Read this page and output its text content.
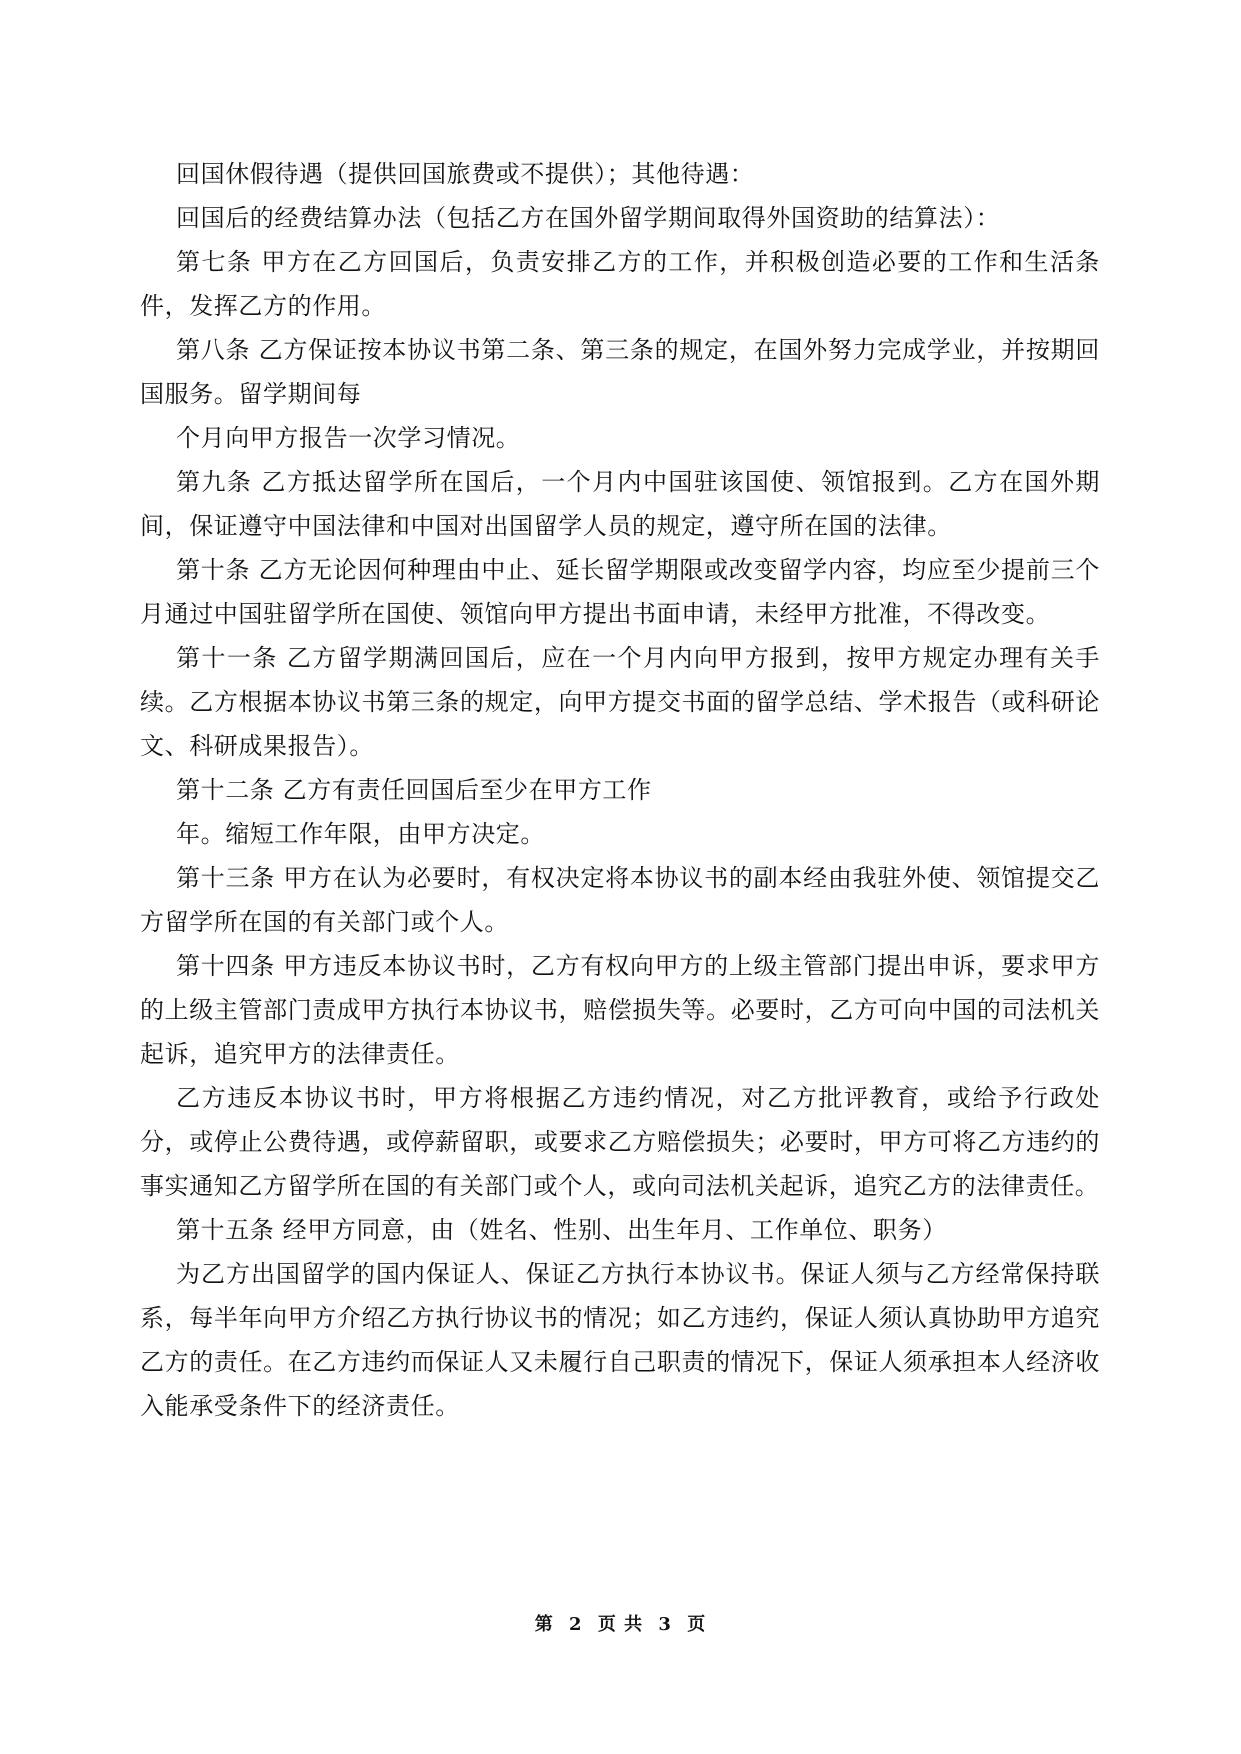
回国休假待遇（提供回国旅费或不提供）；其他待遇：

回国后的经费结算办法（包括乙方在国外留学期间取得外国资助的结算法）：

第七条 甲方在乙方回国后，负责安排乙方的工作，并积极创造必要的工作和生活条件，发挥乙方的作用。

第八条 乙方保证按本协议书第二条、第三条的规定，在国外努力完成学业，并按期回国服务。留学期间每

个月向甲方报告一次学习情况。

第九条 乙方抵达留学所在国后，一个月内中国驻该国使、领馆报到。乙方在国外期间，保证遵守中国法律和中国对出国留学人员的规定，遵守所在国的法律。

第十条 乙方无论因何种理由中止、延长留学期限或改变留学内容，均应至少提前三个月通过中国驻留学所在国使、领馆向甲方提出书面申请，未经甲方批准，不得改变。

第十一条 乙方留学期满回国后，应在一个月内向甲方报到，按甲方规定办理有关手续。乙方根据本协议书第三条的规定，向甲方提交书面的留学总结、学术报告（或科研论文、科研成果报告）。

第十二条 乙方有责任回国后至少在甲方工作

年。缩短工作年限，由甲方决定。

第十三条 甲方在认为必要时，有权决定将本协议书的副本经由我驻外使、领馆提交乙方留学所在国的有关部门或个人。

第十四条 甲方违反本协议书时，乙方有权向甲方的上级主管部门提出申诉，要求甲方的上级主管部门责成甲方执行本协议书，赔偿损失等。必要时，乙方可向中国的司法机关起诉，追究甲方的法律责任。

乙方违反本协议书时，甲方将根据乙方违约情况，对乙方批评教育，或给予行政处分，或停止公费待遇，或停薪留职，或要求乙方赔偿损失；必要时，甲方可将乙方违约的事实通知乙方留学所在国的有关部门或个人，或向司法机关起诉，追究乙方的法律责任。

第十五条 经甲方同意，由（姓名、性别、出生年月、工作单位、职务）

为乙方出国留学的国内保证人、保证乙方执行本协议书。保证人须与乙方经常保持联系，每半年向甲方介绍乙方执行协议书的情况；如乙方违约，保证人须认真协助甲方追究乙方的责任。在乙方违约而保证人又未履行自己职责的情况下，保证人须承担本人经济收入能承受条件下的经济责任。

第 2 页 共 3 页
